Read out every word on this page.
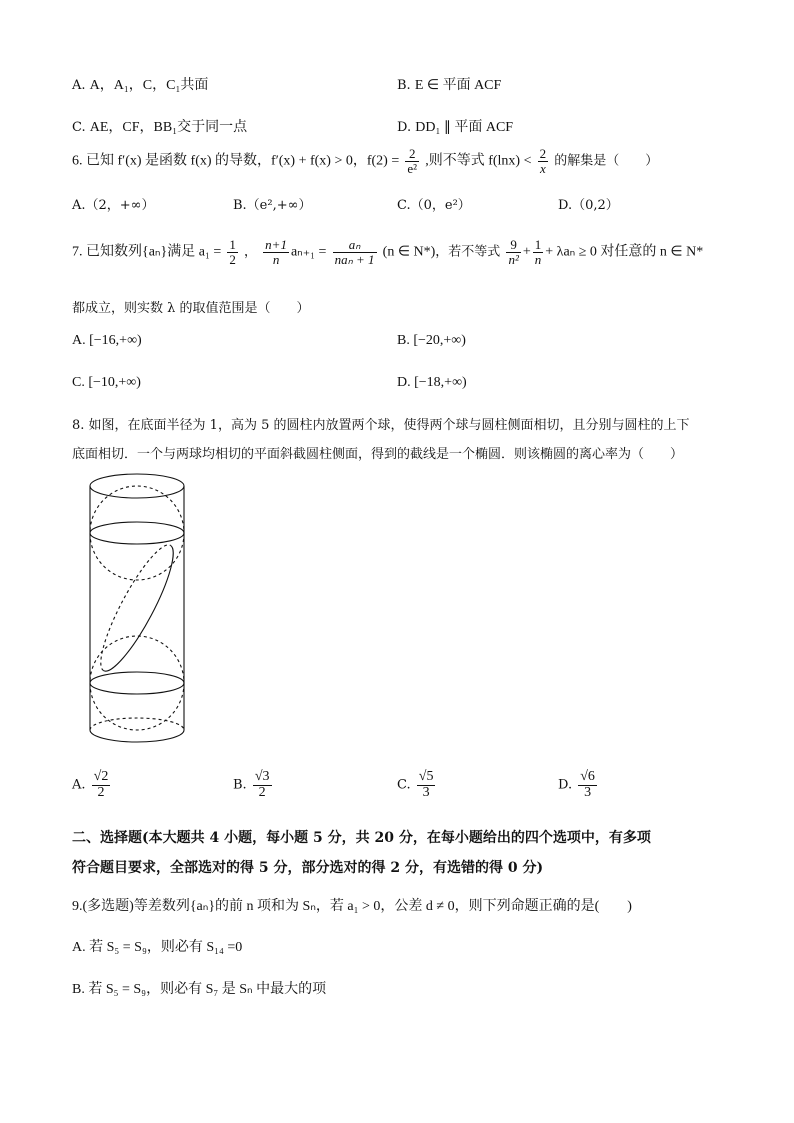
A. A，A₁，C，C₁共面	B. E ∈ 平面 ACF
C. AE，CF，BB₁交于同一点	D. DD₁ ∥ 平面 ACF
6. 已知 f′(x) 是函数 f(x) 的导数，f′(x) + f(x) > 0，$f(2) = \frac{2}{\text{e²}}$ ,则不等式 $f(\ln x) < \frac{2}{x}$ 的解集是（　　）
A.（2，+∞）	B.（e²,+∞）	C.（0，e²）	D.（0,2）
7. 已知数列{aₙ}满足 $a_1 = \frac{1}{2}$ ， $\frac{n+1}{n} a_{n+1} = \frac{\text{aₙ}}{\text{naₙ + 1}} (n$ ∈ N*)，若不等式 $\frac{9}{\text{n²}} + \frac{1}{n} + \lambda a_n \ge 0$ 对任意的 n ∈ N*
都成立，则实数 λ 的取值范围是（　　）
A. [−16,+∞)	B. [−20,+∞)
C. [−10,+∞)	D. [−18,+∞)
8. 如图，在底面半径为 1，高为 5 的圆柱内放置两个球，使得两个球与圆柱侧面相切，且分别与圆柱的上下
底面相切．一个与两球均相切的平面斜截圆柱侧面，得到的截线是一个椭圆．则该椭圆的离心率为（　　）
A. $\frac{√2}{2}$	B. $\frac{√3}{2}$	C. $\frac{√5}{3}$	D. $\frac{√6}{3}$
二、选择题(本大题共 4 小题，每小题 5 分，共 20 分，在每小题给出的四个选项中，有多项
符合题目要求，全部选对的得 5 分，部分选对的得 2 分，有选错的得 0 分)
9.(多选题)等差数列{aₙ}的前 n 项和为 Sₙ，若 a₁ > 0，公差 d ≠ 0，则下列命题正确的是(　　)
A. 若 S₅ = S₉，则必有 S₁₄ =0
B. 若 S₅ = S₉，则必有 S₇ 是 Sₙ 中最大的项
